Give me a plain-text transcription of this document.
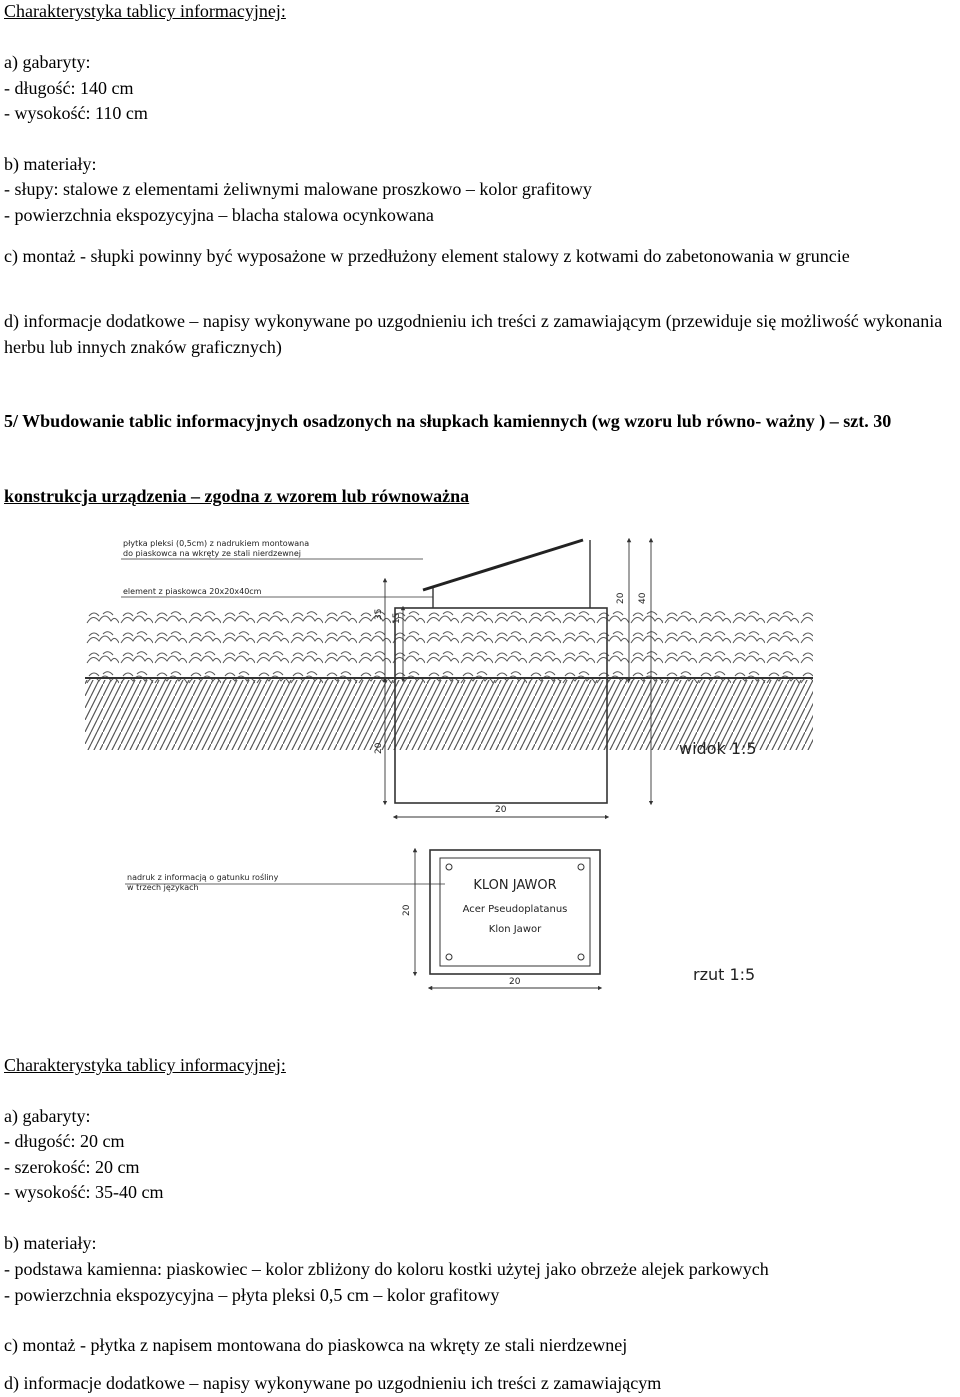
Charakterystyka tablicy informacyjnej:
a) gabaryty:
- długość: 140 cm
- wysokość: 110 cm
b) materiały:
- słupy: stalowe z elementami żeliwnymi malowane proszkowo – kolor grafitowy
- powierzchnia ekspozycyjna – blacha stalowa ocynkowana
c) montaż - słupki powinny być wyposażone w przedłużony element stalowy z kotwami do zabetonowania w gruncie
d) informacje dodatkowe – napisy wykonywane po uzgodnieniu ich treści z zamawiającym (przewiduje się możliwość wykonania herbu lub innych znaków graficznych)
5/ Wbudowanie tablic informacyjnych osadzonych na słupkach kamiennych (wg wzoru lub równo- ważny ) – szt. 30
konstrukcja urządzenia – zgodna z wzorem lub równoważna
płytka pleksi (0,5cm) z nadrukiem montowana
do piaskowca na wkręty ze stali nierdzewnej
element z piaskowca 20x20x40cm
35 15
20 40
20
20
widok 1:5
nadruk z informacją o gatunku rośliny
w trzech językach	KLON JAWOR
Acer Pseudoplatanus
Klon Jawor
20
20	rzut 1:5
Charakterystyka tablicy informacyjnej:
a) gabaryty:
- długość: 20 cm
- szerokość: 20 cm
- wysokość: 35-40 cm
b) materiały:
- podstawa kamienna: piaskowiec – kolor zbliżony do koloru kostki użytej jako obrzeże alejek parkowych
- powierzchnia ekspozycyjna – płyta pleksi 0,5 cm – kolor grafitowy
c) montaż - płytka z napisem montowana do piaskowca na wkręty ze stali nierdzewnej
d) informacje dodatkowe – napisy wykonywane po uzgodnieniu ich treści z zamawiającym
